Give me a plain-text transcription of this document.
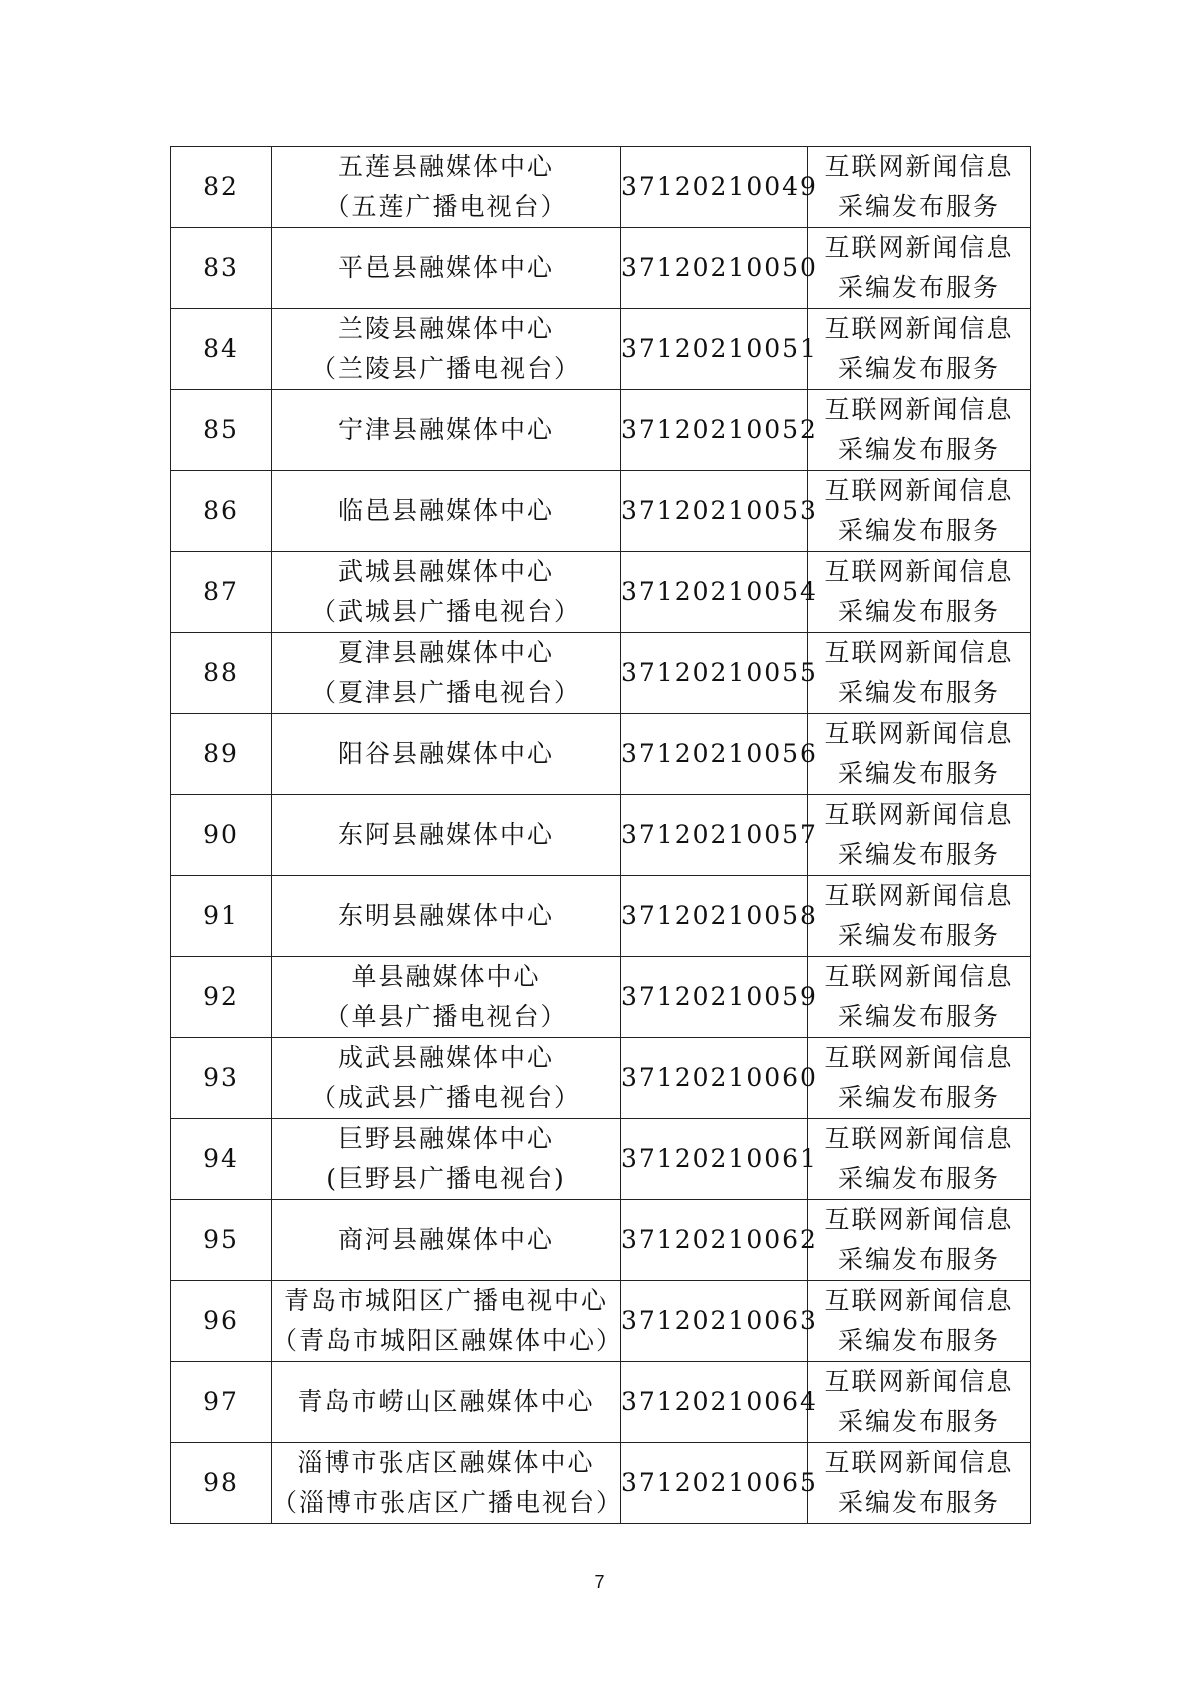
82	五莲县融媒体中心
（五莲广播电视台）	37120210049	互联网新闻信息
采编发布服务

83	平邑县融媒体中心	37120210050	互联网新闻信息
采编发布服务

84	兰陵县融媒体中心
（兰陵县广播电视台）	37120210051	互联网新闻信息
采编发布服务

85	宁津县融媒体中心	37120210052	互联网新闻信息
采编发布服务

86	临邑县融媒体中心	37120210053	互联网新闻信息
采编发布服务

87	武城县融媒体中心
（武城县广播电视台）	37120210054	互联网新闻信息
采编发布服务

88	夏津县融媒体中心
（夏津县广播电视台）	37120210055	互联网新闻信息
采编发布服务

89	阳谷县融媒体中心	37120210056	互联网新闻信息
采编发布服务

90	东阿县融媒体中心	37120210057	互联网新闻信息
采编发布服务

91	东明县融媒体中心	37120210058	互联网新闻信息
采编发布服务

92	单县融媒体中心
（单县广播电视台）	37120210059	互联网新闻信息
采编发布服务

93	成武县融媒体中心
（成武县广播电视台）	37120210060	互联网新闻信息
采编发布服务

94	巨野县融媒体中心
(巨野县广播电视台)	37120210061	互联网新闻信息
采编发布服务

95	商河县融媒体中心	37120210062	互联网新闻信息
采编发布服务

96	青岛市城阳区广播电视中心
（青岛市城阳区融媒体中心）	37120210063	互联网新闻信息
采编发布服务

97	青岛市崂山区融媒体中心	37120210064	互联网新闻信息
采编发布服务

98	淄博市张店区融媒体中心
（淄博市张店区广播电视台）	37120210065	互联网新闻信息
采编发布服务
7
